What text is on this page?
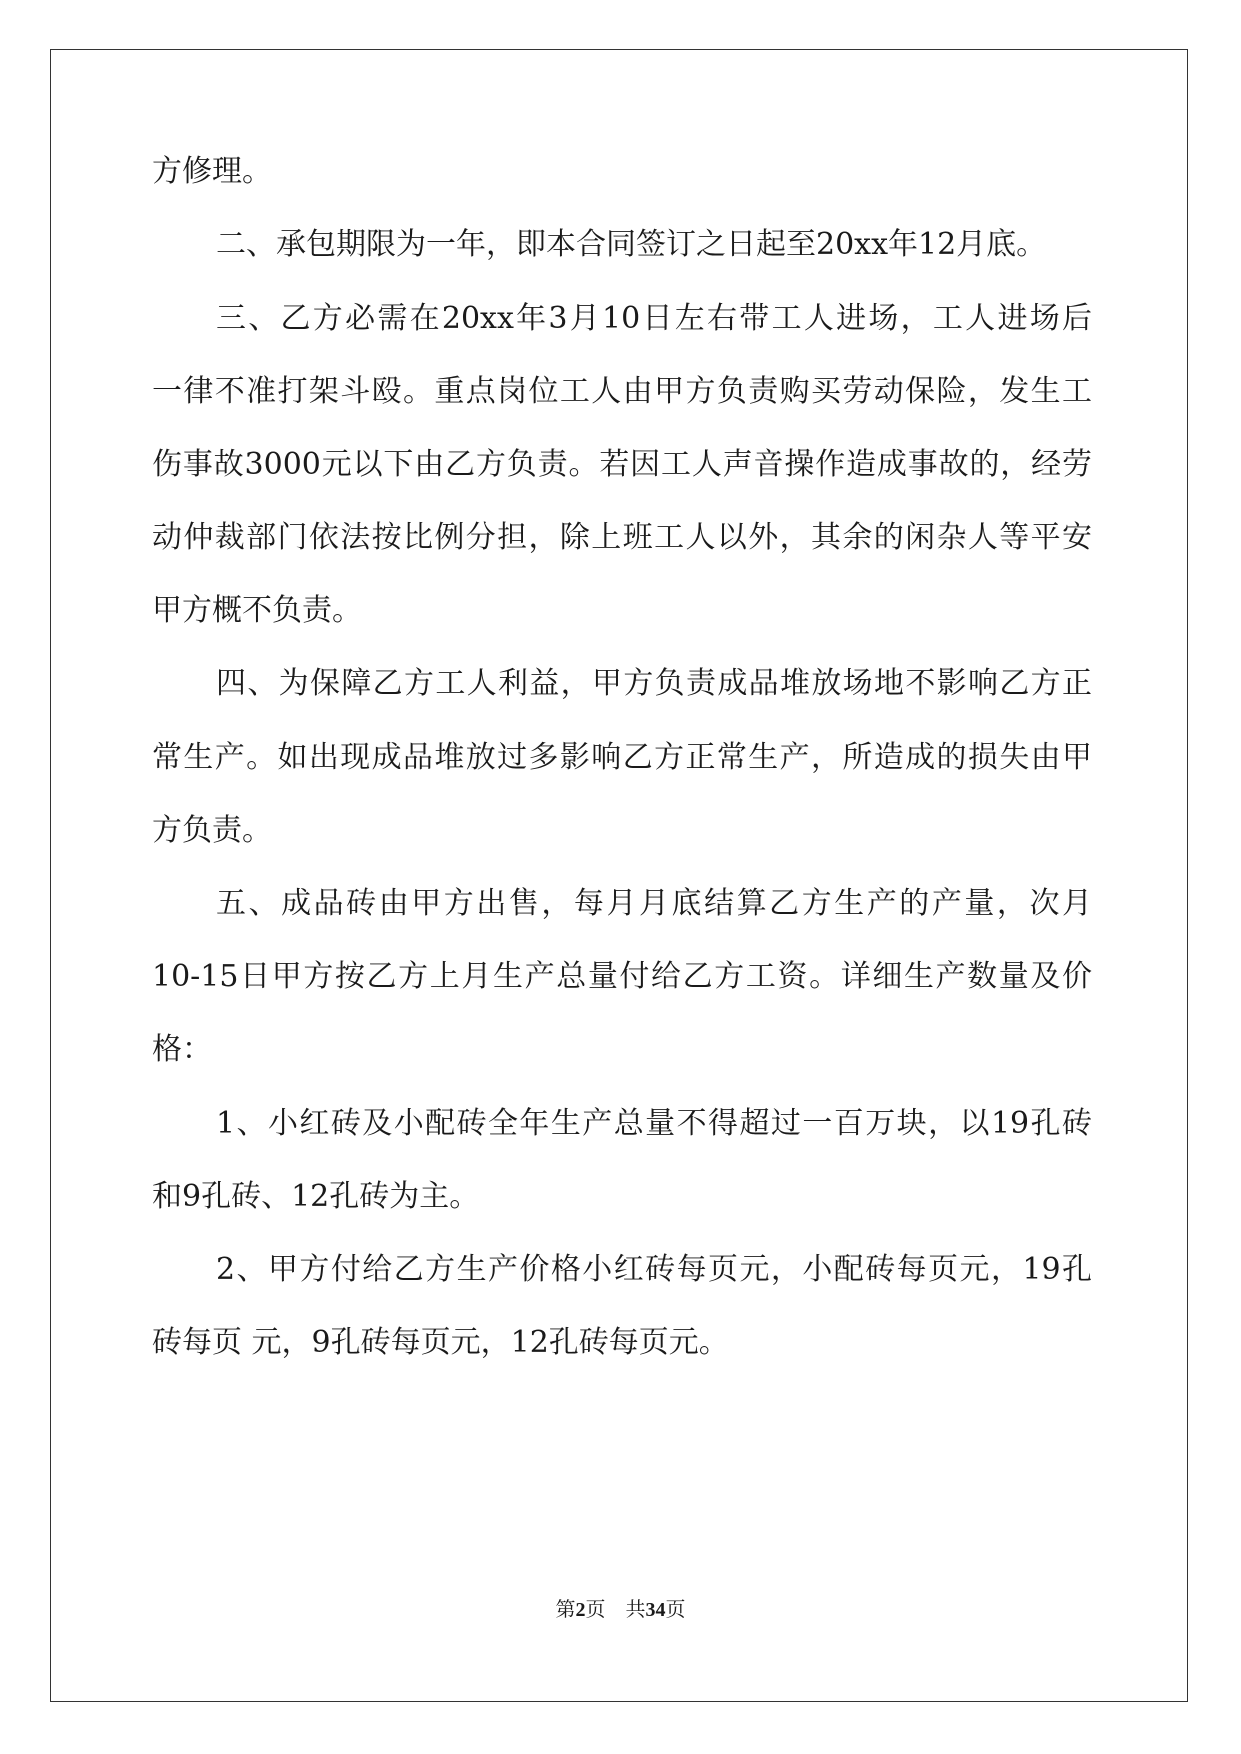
方修理。
二、承包期限为一年，即本合同签订之日起至20xx年12月底。
三、乙方必需在20xx年3月10日左右带工人进场，工人进场后
一律不准打架斗殴。重点岗位工人由甲方负责购买劳动保险，发生工
伤事故3000元以下由乙方负责。若因工人声音操作造成事故的，经劳
动仲裁部门依法按比例分担，除上班工人以外，其余的闲杂人等平安
甲方概不负责。
四、为保障乙方工人利益，甲方负责成品堆放场地不影响乙方正
常生产。如出现成品堆放过多影响乙方正常生产，所造成的损失由甲
方负责。
五、成品砖由甲方出售，每月月底结算乙方生产的产量，次月
10-15日甲方按乙方上月生产总量付给乙方工资。详细生产数量及价
格：
1、小红砖及小配砖全年生产总量不得超过一百万块，以19孔砖
和9孔砖、12孔砖为主。
2、甲方付给乙方生产价格小红砖每页元，小配砖每页元，19孔
砖每页 元，9孔砖每页元，12孔砖每页元。
第2页 共34页
